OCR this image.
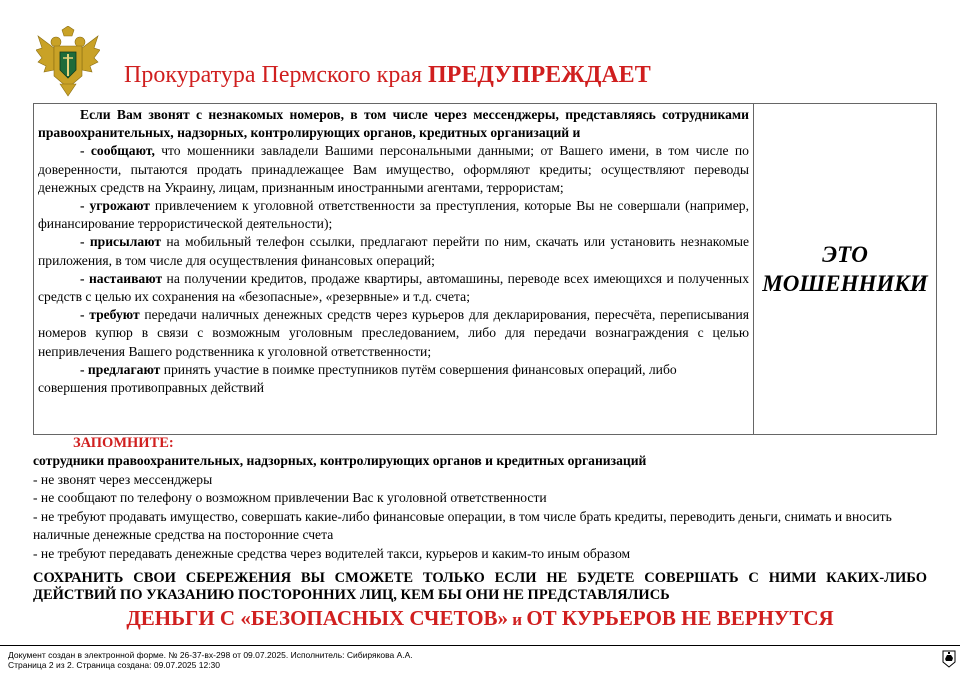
Прокуратура Пермского края ПРЕДУПРЕЖДАЕТ

Если Вам звонят с незнакомых номеров, в том числе через мессенджеры, представляясь сотрудниками правоохранительных, надзорных, контролирующих органов, кредитных организаций и

- сообщают, что мошенники завладели Вашими персональными данными; от Вашего имени, в том числе по доверенности, пытаются продать принадлежащее Вам имущество, оформляют кредиты; осуществляют переводы денежных средств на Украину, лицам, признанным иностранными агентами, террористам;

- угрожают привлечением к уголовной ответственности за преступления, которые Вы не совершали (например, финансирование террористической деятельности);

- присылают на мобильный телефон ссылки, предлагают перейти по ним, скачать или установить незнакомые приложения, в том числе для осуществления финансовых операций;

- настаивают на получении кредитов, продаже квартиры, автомашины, переводе всех имеющихся и полученных средств с целью их сохранения на «безопасные», «резервные» и т.д. счета;

- требуют передачи наличных денежных средств через курьеров для декларирования, пересчёта, переписывания номеров купюр в связи с возможным уголовным преследованием, либо для передачи вознаграждения с целью непривлечения Вашего родственника к уголовной ответственности;

- предлагают принять участие в поимке преступников путём совершения финансовых операций, либо совершения противоправных действий

ЭТО
МОШЕННИКИ
ЗАПОМНИТЕ:
сотрудники правоохранительных, надзорных, контролирующих органов и кредитных организаций
- не звонят через мессенджеры
- не сообщают по телефону о возможном привлечении Вас к уголовной ответственности
- не требуют продавать имущество, совершать какие-либо финансовые операции, в том числе брать кредиты, переводить деньги, снимать и вносить наличные денежные средства на посторонние счета
- не требуют передавать денежные средства через водителей такси, курьеров и каким-то иным образом
СОХРАНИТЬ СВОИ СБЕРЕЖЕНИЯ ВЫ СМОЖЕТЕ ТОЛЬКО ЕСЛИ НЕ БУДЕТЕ СОВЕРШАТЬ С НИМИ КАКИХ-ЛИБО ДЕЙСТВИЙ ПО УКАЗАНИЮ ПОСТОРОННИХ ЛИЦ, КЕМ БЫ ОНИ НЕ ПРЕДСТАВЛЯЛИСЬ
ДЕНЬГИ С «БЕЗОПАСНЫХ СЧЕТОВ» и ОТ КУРЬЕРОВ НЕ ВЕРНУТСЯ
Документ создан в электронной форме. № 26-37-вх-298 от 09.07.2025. Исполнитель: Сибирякова А.А.
Страница 2 из 2. Страница создана: 09.07.2025 12:30
